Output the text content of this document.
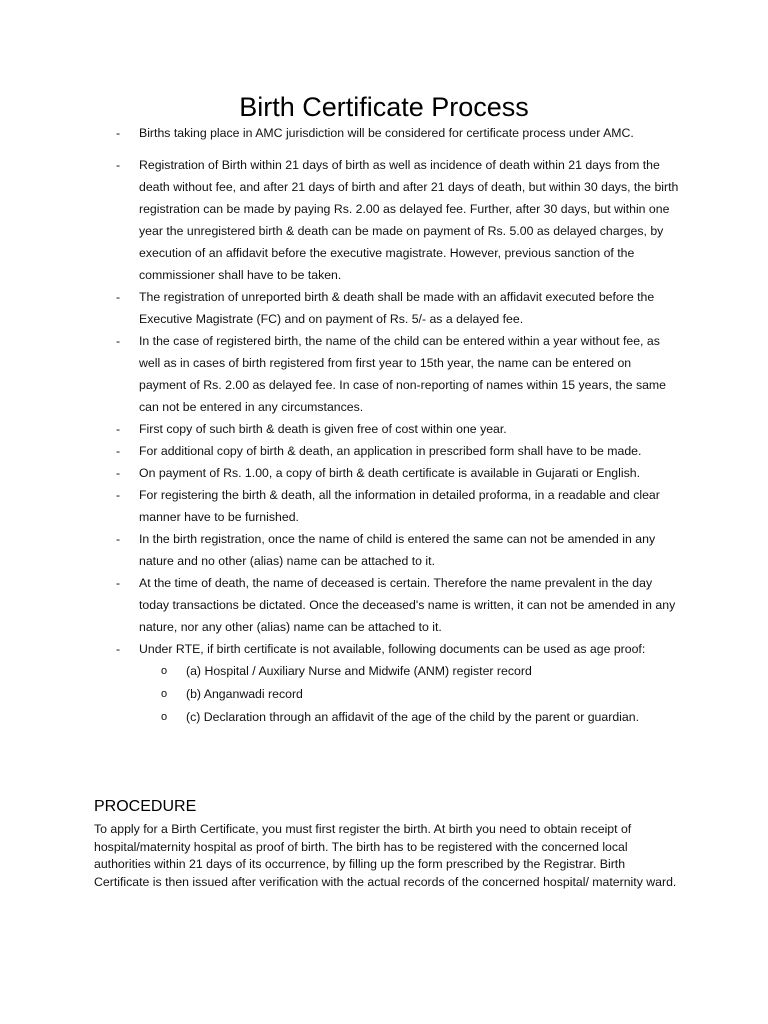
Birth Certificate Process
- Births taking place in AMC jurisdiction will be considered for certificate process under AMC.
- Registration of Birth within 21 days of birth as well as incidence of death within 21 days from the death without fee, and after 21 days of birth and after 21 days of death, but within 30 days, the birth registration can be made by paying Rs. 2.00 as delayed fee. Further, after 30 days, but within one year the unregistered birth & death can be made on payment of Rs. 5.00 as delayed charges, by execution of an affidavit before the executive magistrate. However, previous sanction of the commissioner shall have to be taken.
- The registration of unreported birth & death shall be made with an affidavit executed before the Executive Magistrate (FC) and on payment of Rs. 5/- as a delayed fee.
- In the case of registered birth, the name of the child can be entered within a year without fee, as well as in cases of birth registered from first year to 15th year, the name can be entered on payment of Rs. 2.00 as delayed fee. In case of non-reporting of names within 15 years, the same can not be entered in any circumstances.
- First copy of such birth & death is given free of cost within one year.
- For additional copy of birth & death, an application in prescribed form shall have to be made.
- On payment of Rs. 1.00, a copy of birth & death certificate is available in Gujarati or English.
- For registering the birth & death, all the information in detailed proforma, in a readable and clear manner have to be furnished.
- In the birth registration, once the name of child is entered the same can not be amended in any nature and no other (alias) name can be attached to it.
- At the time of death, the name of deceased is certain. Therefore the name prevalent in the day today transactions be dictated. Once the deceased's name is written, it can not be amended in any nature, nor any other (alias) name can be attached to it.
- Under RTE, if birth certificate is not available, following documents can be used as age proof:
o (a) Hospital / Auxiliary Nurse and Midwife (ANM) register record
o (b) Anganwadi record
o (c) Declaration through an affidavit of the age of the child by the parent or guardian.
PROCEDURE

To apply for a Birth Certificate, you must first register the birth. At birth you need to obtain receipt of hospital/maternity hospital as proof of birth. The birth has to be registered with the concerned local authorities within 21 days of its occurrence, by filling up the form prescribed by the Registrar. Birth Certificate is then issued after verification with the actual records of the concerned hospital/ maternity ward.
